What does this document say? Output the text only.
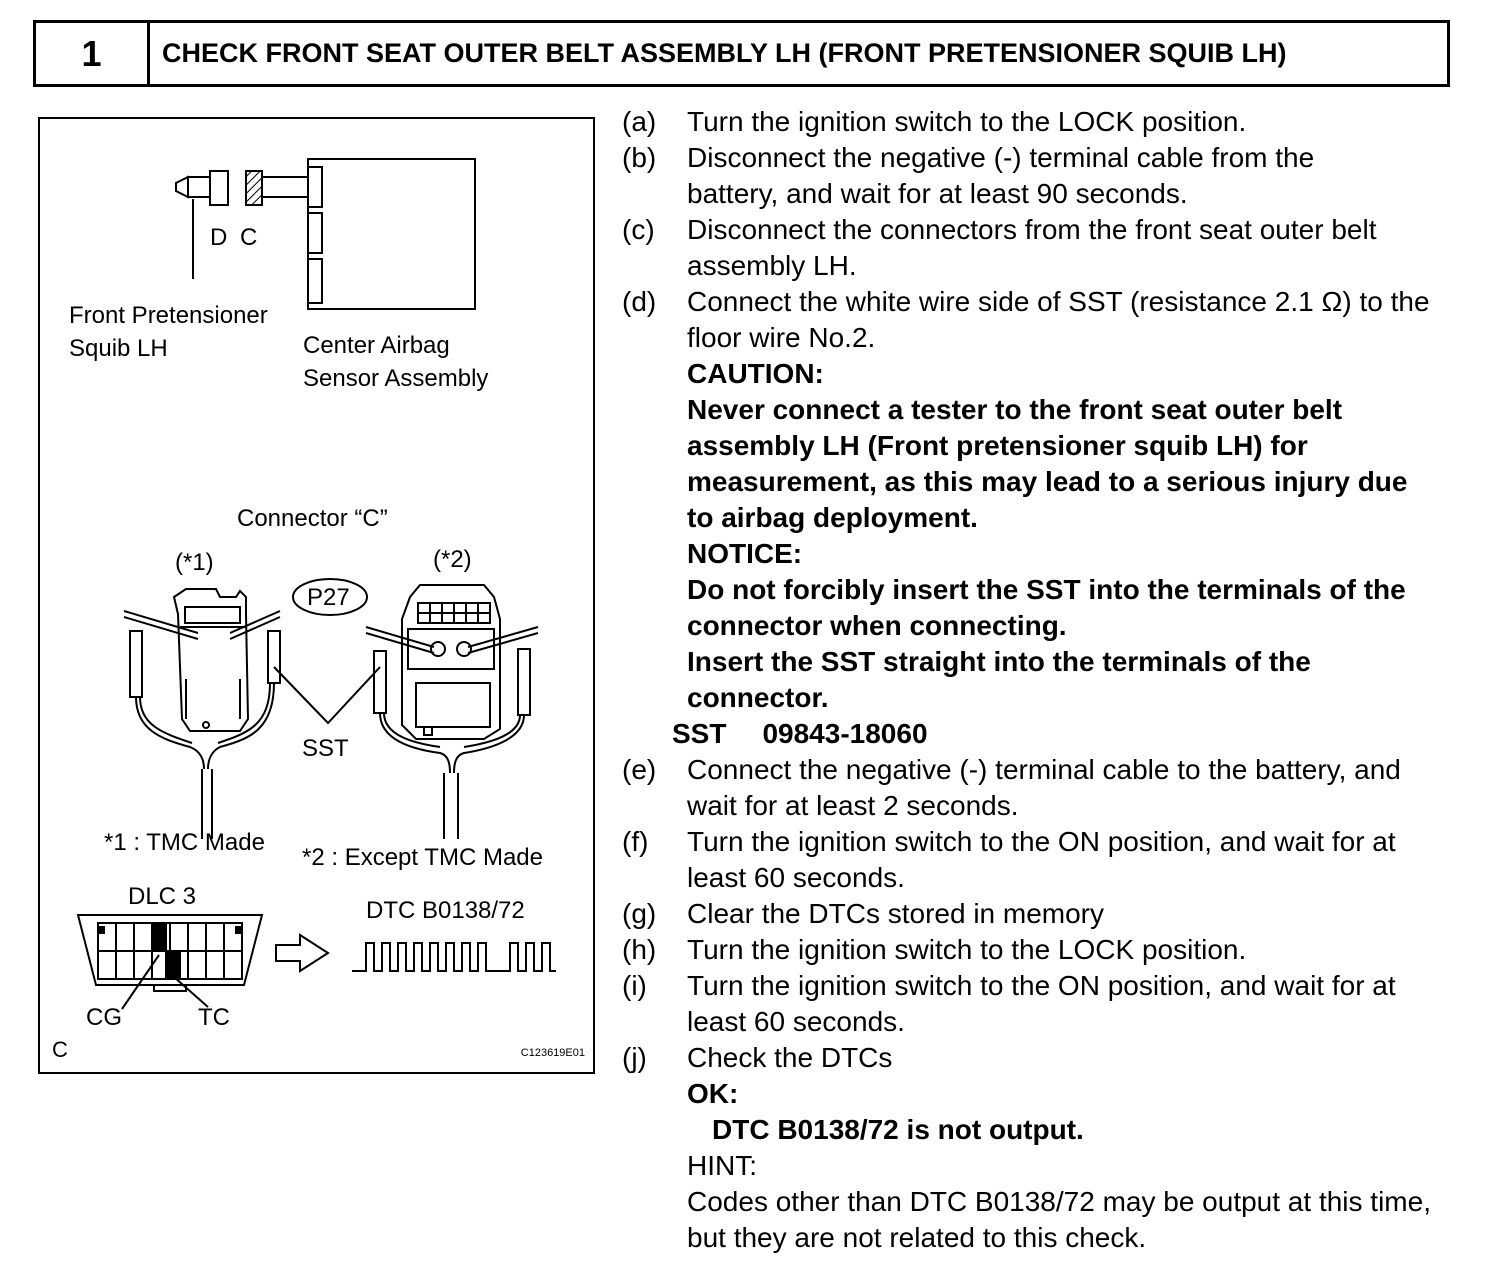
1	CHECK FRONT SEAT OUTER BELT ASSEMBLY LH (FRONT PRETENSIONER SQUIB LH)
D C
Front Pretensioner
Squib LH	Center Airbag
Sensor Assembly
Connector “C”
(*1)	(*2)
P27
SST
*1 : TMC Made
*2 : Except TMC Made
DLC 3
DTC B0138/72
CG	TC
C	C123619E01
(a)	Turn the ignition switch to the LOCK position.
(b)	Disconnect the negative (-) terminal cable from the battery, and wait for at least 90 seconds.
(c)	Disconnect the connectors from the front seat outer belt assembly LH.
(d)	Connect the white wire side of SST (resistance 2.1 Ω) to the floor wire No.2.
CAUTION:
Never connect a tester to the front seat outer belt assembly LH (Front pretensioner squib LH) for measurement, as this may lead to a serious injury due to airbag deployment.
NOTICE:
Do not forcibly insert the SST into the terminals of the connector when connecting.
Insert the SST straight into the terminals of the connector.
SST 09843-18060
(e)	Connect the negative (-) terminal cable to the battery, and wait for at least 2 seconds.
(f)	Turn the ignition switch to the ON position, and wait for at least 60 seconds.
(g)	Clear the DTCs stored in memory
(h)	Turn the ignition switch to the LOCK position.
(i)	Turn the ignition switch to the ON position, and wait for at least 60 seconds.
(j)	Check the DTCs
OK:
DTC B0138/72 is not output.
HINT:
Codes other than DTC B0138/72 may be output at this time, but they are not related to this check.
